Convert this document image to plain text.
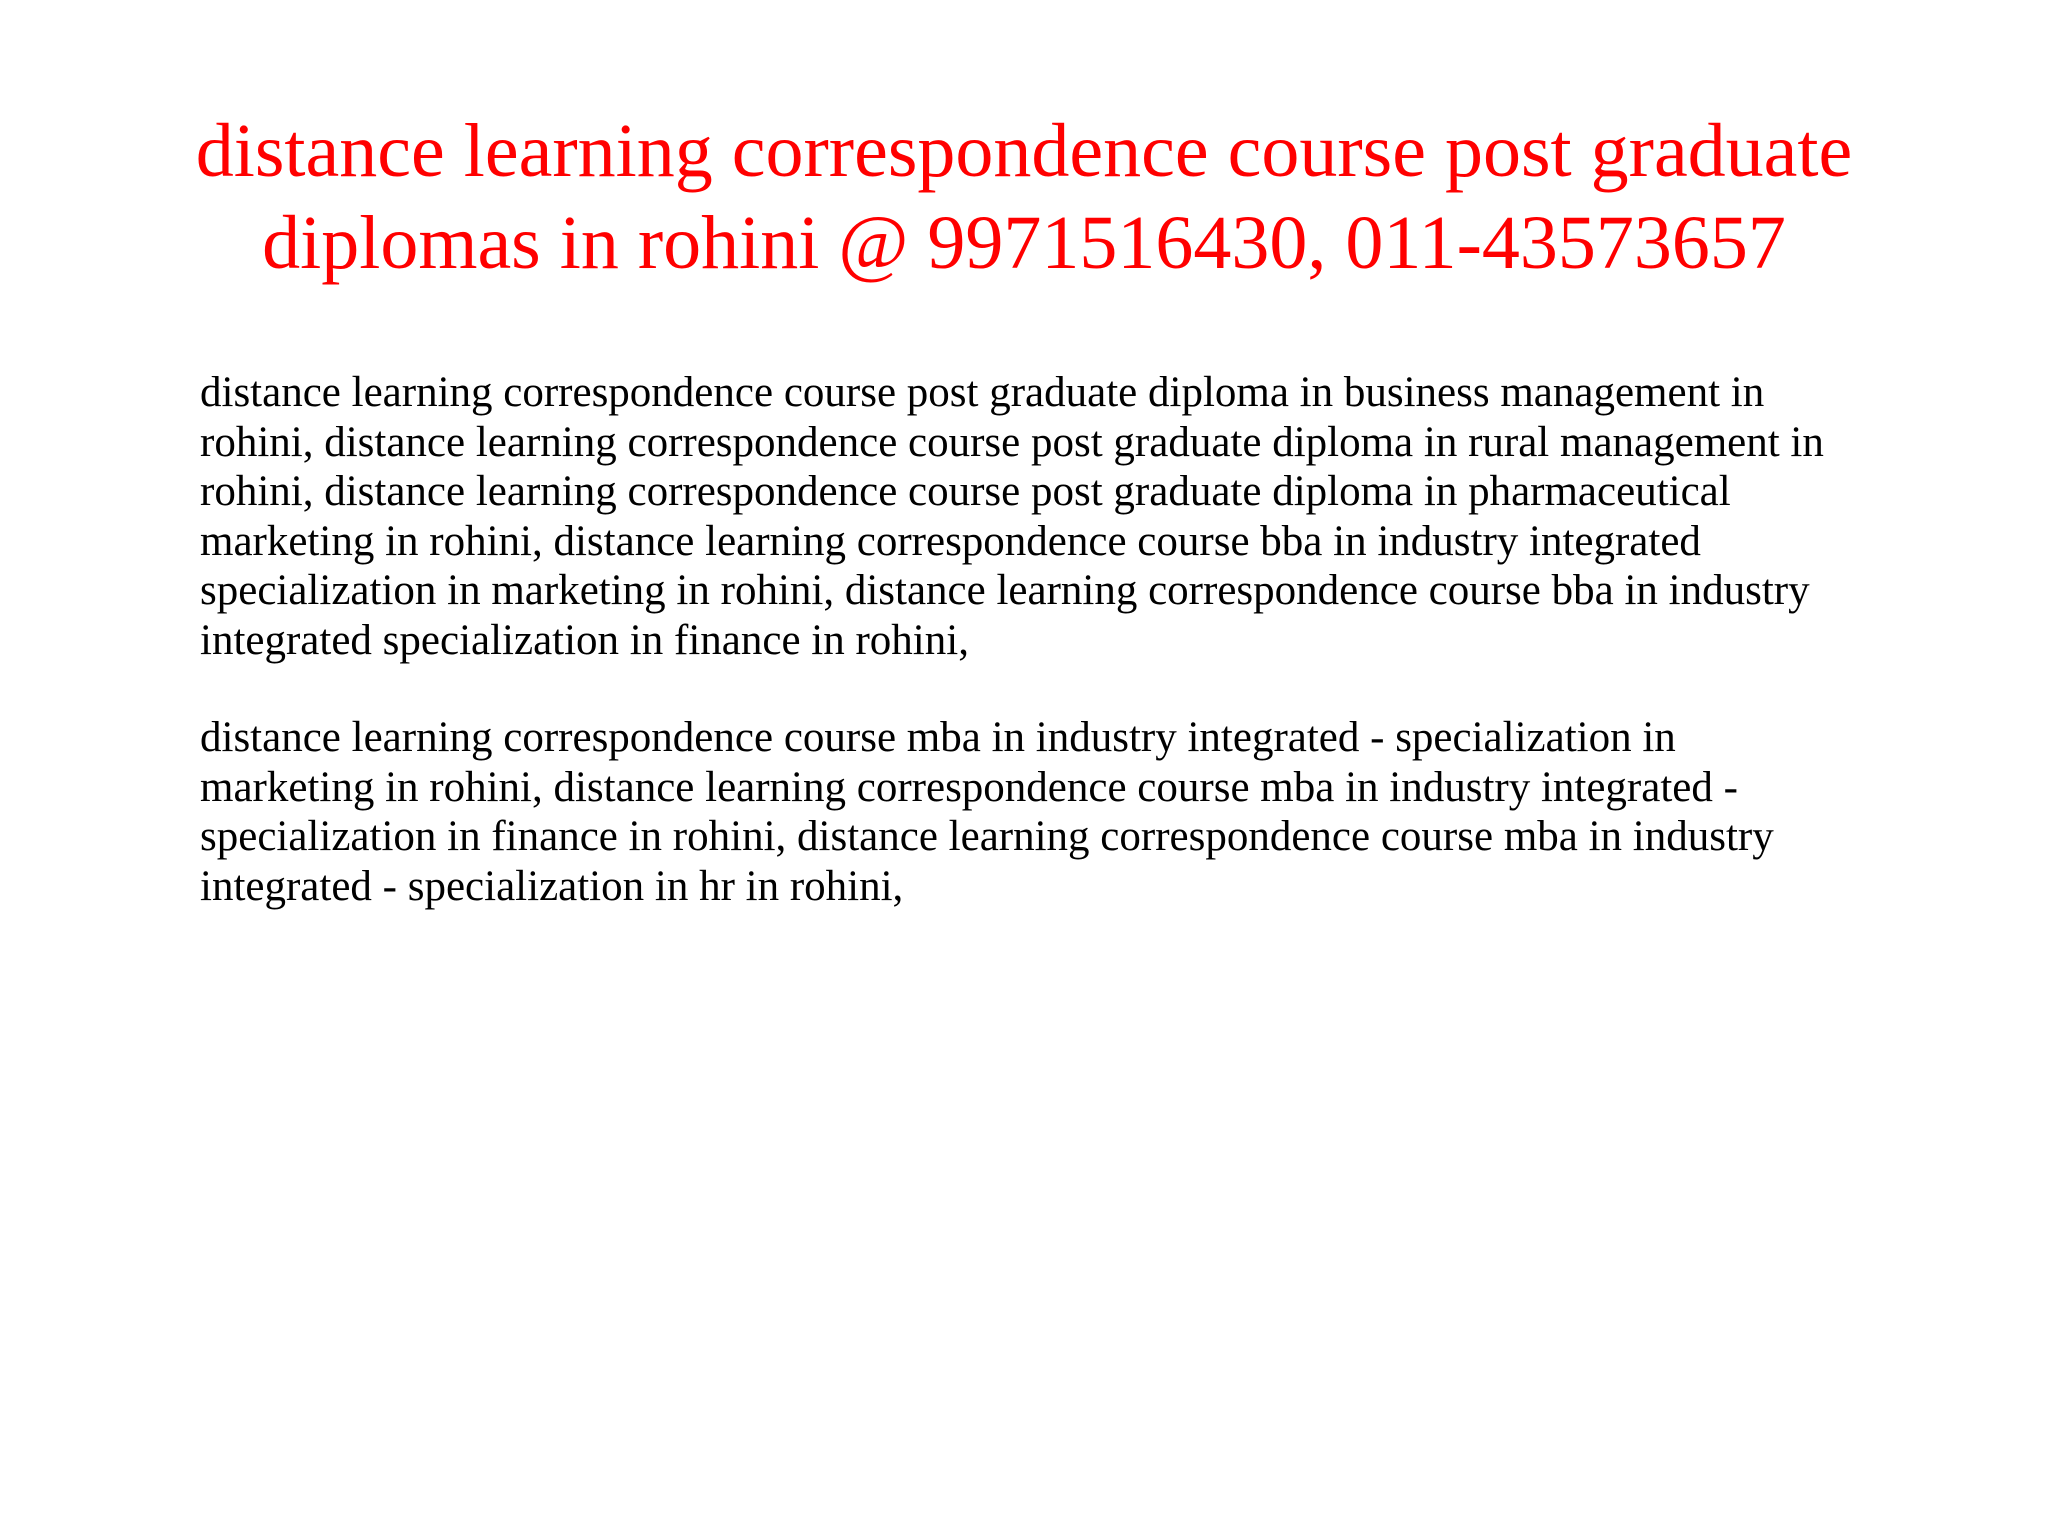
distance learning correspondence course post graduate
diplomas in rohini @ 9971516430, 011-43573657

distance learning correspondence course post graduate diploma in business management in
rohini, distance learning correspondence course post graduate diploma in rural management in
rohini, distance learning correspondence course post graduate diploma in pharmaceutical
marketing in rohini, distance learning correspondence course bba in industry integrated
specialization in marketing in rohini, distance learning correspondence course bba in industry
integrated specialization in finance in rohini,

distance learning correspondence course mba in industry integrated - specialization in
marketing in rohini, distance learning correspondence course mba in industry integrated -
specialization in finance in rohini, distance learning correspondence course mba in industry
integrated - specialization in hr in rohini,
